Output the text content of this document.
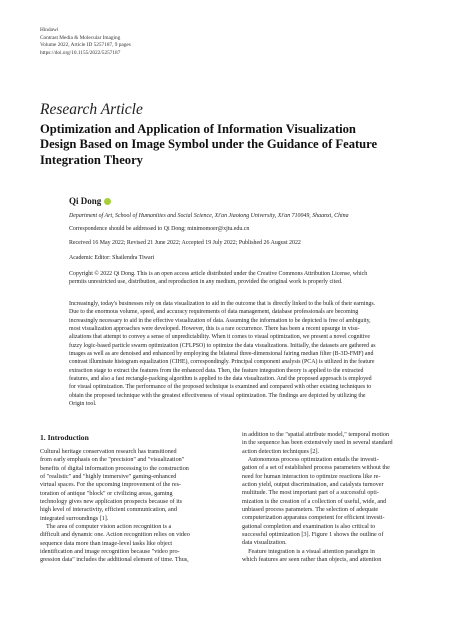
Hindawi
Contrast Media & Molecular Imaging
Volume 2022, Article ID 5257187, 9 pages
https://doi.org/10.1155/2022/5257187
Research Article
Optimization and Application of Information Visualization
Design Based on Image Symbol under the Guidance of Feature
Integration Theory
Qi Dong
Department of Art, School of Humanities and Social Science, Xi'an Jiaotong University, Xi'an 710049, Shaanxi, China
Correspondence should be addressed to Qi Dong; minimomoer@xjtu.edu.cn
Received 16 May 2022; Revised 21 June 2022; Accepted 19 July 2022; Published 26 August 2022
Academic Editor: Shailendra Tiwari
Copyright © 2022 Qi Dong. This is an open access article distributed under the Creative Commons Attribution License, which
permits unrestricted use, distribution, and reproduction in any medium, provided the original work is properly cited.
Increasingly, today's businesses rely on data visualization to aid in the outcome that is directly linked to the bulk of their earnings.
Due to the enormous volume, speed, and accuracy requirements of data management, database professionals are becoming
increasingly necessary to aid in the effective visualization of data. Assuming the information to be depicted is free of ambiguity,
most visualization approaches were developed. However, this is a rare occurrence. There has been a recent upsurge in visu-
alizations that attempt to convey a sense of unpredictability. When it comes to visual optimization, we present a novel cognitive
fuzzy logic-based particle swarm optimization (CFLPSO) to optimize the data visualizations. Initially, the datasets are gathered as
images as well as are denoised and enhanced by employing the bilateral three-dimensional fairing median filter (B-3D-FMF) and
contrast illuminate histogram equalization (CIHE), correspondingly. Principal component analysis (PCA) is utilized in the feature
extraction stage to extract the features from the enhanced data. Then, the feature integration theory is applied to the extracted
features, and also a fast rectangle-packing algorithm is applied to the data visualization. And the proposed approach is employed
for visual optimization. The performance of the proposed technique is examined and compared with other existing techniques to
obtain the proposed technique with the greatest effectiveness of visual optimization. The findings are depicted by utilizing the
Origin tool.
1. Introduction
Cultural heritage conservation research has transitioned
from early emphasis on the "precision" and "visualization"
benefits of digital information processing to the construction
of "realistic" and "highly immersive" gaming-enhanced
virtual spaces. For the upcoming improvement of the res-
toration of antique "block" or civilizing areas, gaming
technology gives new application prospects because of its
high level of interactivity, efficient communication, and
integrated surroundings [1].
The area of computer vision action recognition is a
difficult and dynamic one. Action recognition relies on video
sequence data more than image-level tasks like object
identification and image recognition because "video pro-
gression data" includes the additional element of time. Thus,
in addition to the "spatial attribute model," temporal motion
in the sequence has been extensively used in several standard
action detection techniques [2].
Autonomous process optimization entails the investi-
gation of a set of established process parameters without the
need for human interaction to optimize reactions like re-
action yield, output discrimination, and catalysts turnover
multitude. The most important part of a successful opti-
mization is the creation of a collection of useful, wide, and
unbiased process parameters. The selection of adequate
computerization apparatus competent for efficient investi-
gational completion and examination is also critical to
successful optimization [3]. Figure 1 shows the outline of
data visualization.
Feature integration is a visual attention paradigm in
which features are seen rather than objects, and attention
